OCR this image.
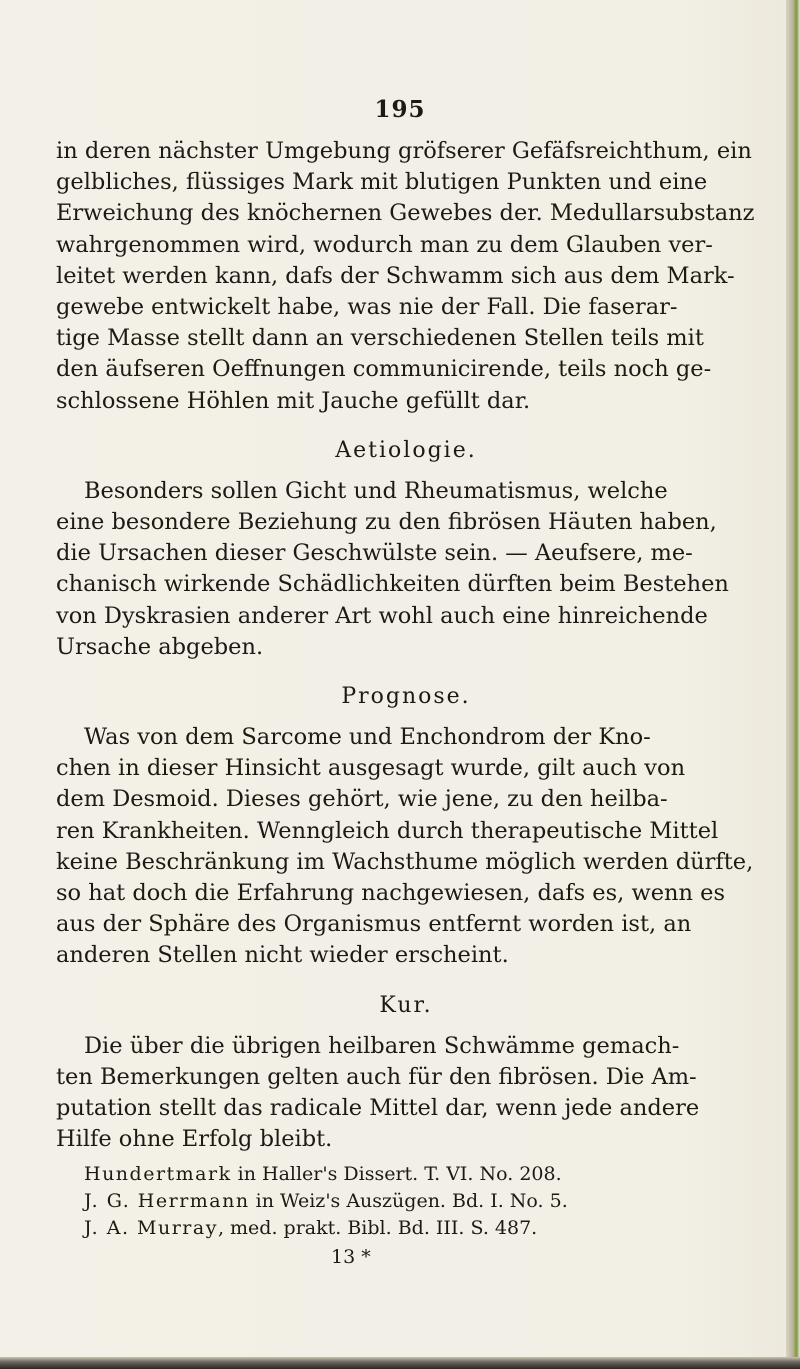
195

in deren nächster Umgebung gröfserer Gefäfsreichthum, ein
gelbliches, flüssiges Mark mit blutigen Punkten und eine
Erweichung des knöchernen Gewebes der. Medullarsubstanz
wahrgenommen wird, wodurch man zu dem Glauben ver-
leitet werden kann, dafs der Schwamm sich aus dem Mark-
gewebe entwickelt habe, was nie der Fall. Die faserar-
tige Masse stellt dann an verschiedenen Stellen teils mit
den äufseren Oeffnungen communicirende, teils noch ge-
schlossene Höhlen mit Jauche gefüllt dar.

Aetiologie.

Besonders sollen Gicht und Rheumatismus, welche
eine besondere Beziehung zu den fibrösen Häuten haben,
die Ursachen dieser Geschwülste sein. — Aeufsere, me-
chanisch wirkende Schädlichkeiten dürften beim Bestehen
von Dyskrasien anderer Art wohl auch eine hinreichende
Ursache abgeben.

Prognose.

Was von dem Sarcome und Enchondrom der Kno-
chen in dieser Hinsicht ausgesagt wurde, gilt auch von
dem Desmoid. Dieses gehört, wie jene, zu den heilba-
ren Krankheiten. Wenngleich durch therapeutische Mittel
keine Beschränkung im Wachsthume möglich werden dürfte,
so hat doch die Erfahrung nachgewiesen, dafs es, wenn es
aus der Sphäre des Organismus entfernt worden ist, an
anderen Stellen nicht wieder erscheint.

Kur.

Die über die übrigen heilbaren Schwämme gemach-
ten Bemerkungen gelten auch für den fibrösen. Die Am-
putation stellt das radicale Mittel dar, wenn jede andere
Hilfe ohne Erfolg bleibt.

Hundertmark in Haller's Dissert. T. VI. No. 208.
J. G. Herrmann in Weiz's Auszügen. Bd. I. No. 5.
J. A. Murray, med. prakt. Bibl. Bd. III. S. 487.
13 *
